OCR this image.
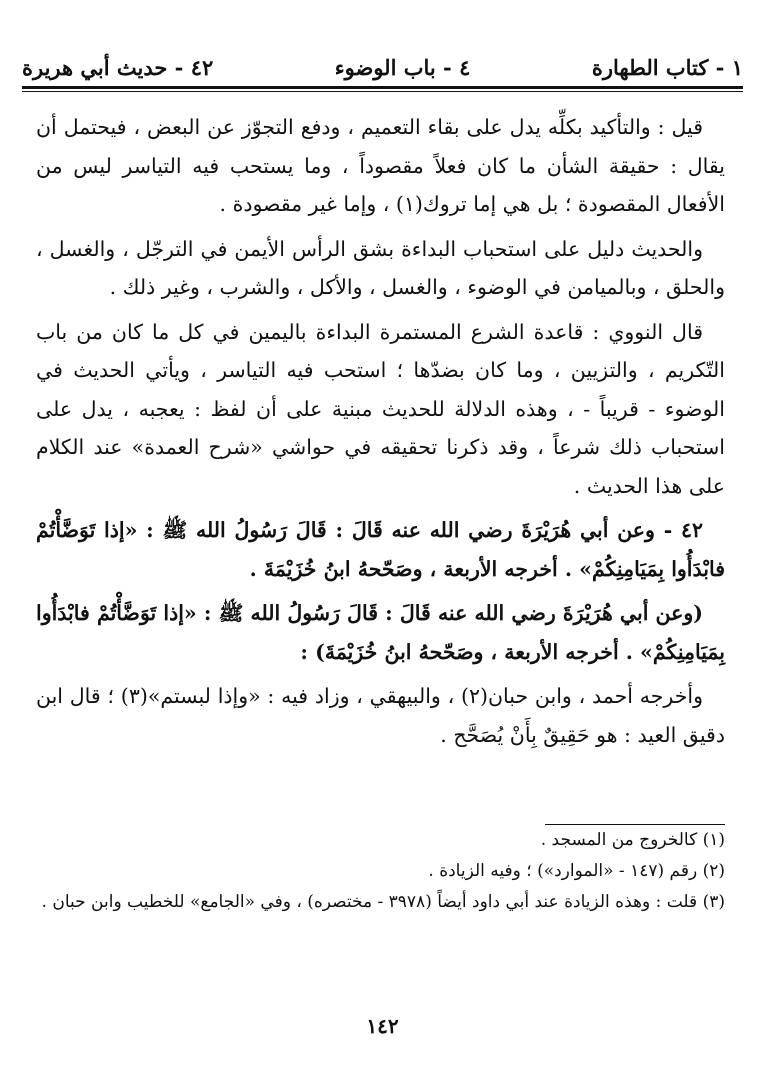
١ - كتاب الطهارة
٤ - باب الوضوء
٤٢ - حديث أبي هريرة

قيل : والتأكيد بكلِّه يدل على بقاء التعميم ، ودفع التجوّز عن البعض ، فيحتمل أن يقال : حقيقة الشأن ما كان فعلاً مقصوداً ، وما يستحب فيه التياسر ليس من الأفعال المقصودة ؛ بل هي إما تروك(١) ، وإما غير مقصودة .

والحديث دليل على استحباب البداءة بشق الرأس الأيمن في الترجّل ، والغسل ، والحلق ، وبالميامن في الوضوء ، والغسل ، والأكل ، والشرب ، وغير ذلك .

قال النووي : قاعدة الشرع المستمرة البداءة باليمين في كل ما كان من باب التّكريم ، والتزيين ، وما كان بضدّها ؛ استحب فيه التياسر ، ويأتي الحديث في الوضوء - قريباً - ، وهذه الدلالة للحديث مبنية على أن لفظ : يعجبه ، يدل على استحباب ذلك شرعاً ، وقد ذكرنا تحقيقه في حواشي «شرح العمدة» عند الكلام على هذا الحديث .

٤٢ - وعن أبي هُرَيْرَةَ رضي الله عنه قَالَ : قَالَ رَسُولُ الله ﷺ : «إذا تَوَضَّأْتُمْ فابْدَأُوا بِمَيَامِنِكُمْ» . أخرجه الأربعة ، وصَحّحهُ ابنُ خُزَيْمَةَ .

(وعن أبي هُرَيْرَةَ رضي الله عنه قَالَ : قَالَ رَسُولُ الله ﷺ : «إذا تَوَضَّأْتُمْ فابْدَأُوا بِمَيَامِنِكُمْ» . أخرجه الأربعة ، وصَحّحهُ ابنُ خُزَيْمَةَ) :

وأخرجه أحمد ، وابن حبان(٢) ، والبيهقي ، وزاد فيه : «وإذا لبستم»(٣) ؛ قال ابن دقيق العيد : هو حَقِيقٌ بِأَنْ يُصَحَّح .

(١) كالخروج من المسجد .
(٢) رقم (١٤٧ - «الموارد») ؛ وفيه الزيادة .
(٣) قلت : وهذه الزيادة عند أبي داود أيضاً (٣٩٧٨ - مختصره) ، وفي «الجامع» للخطيب وابن حبان .
١٤٢
